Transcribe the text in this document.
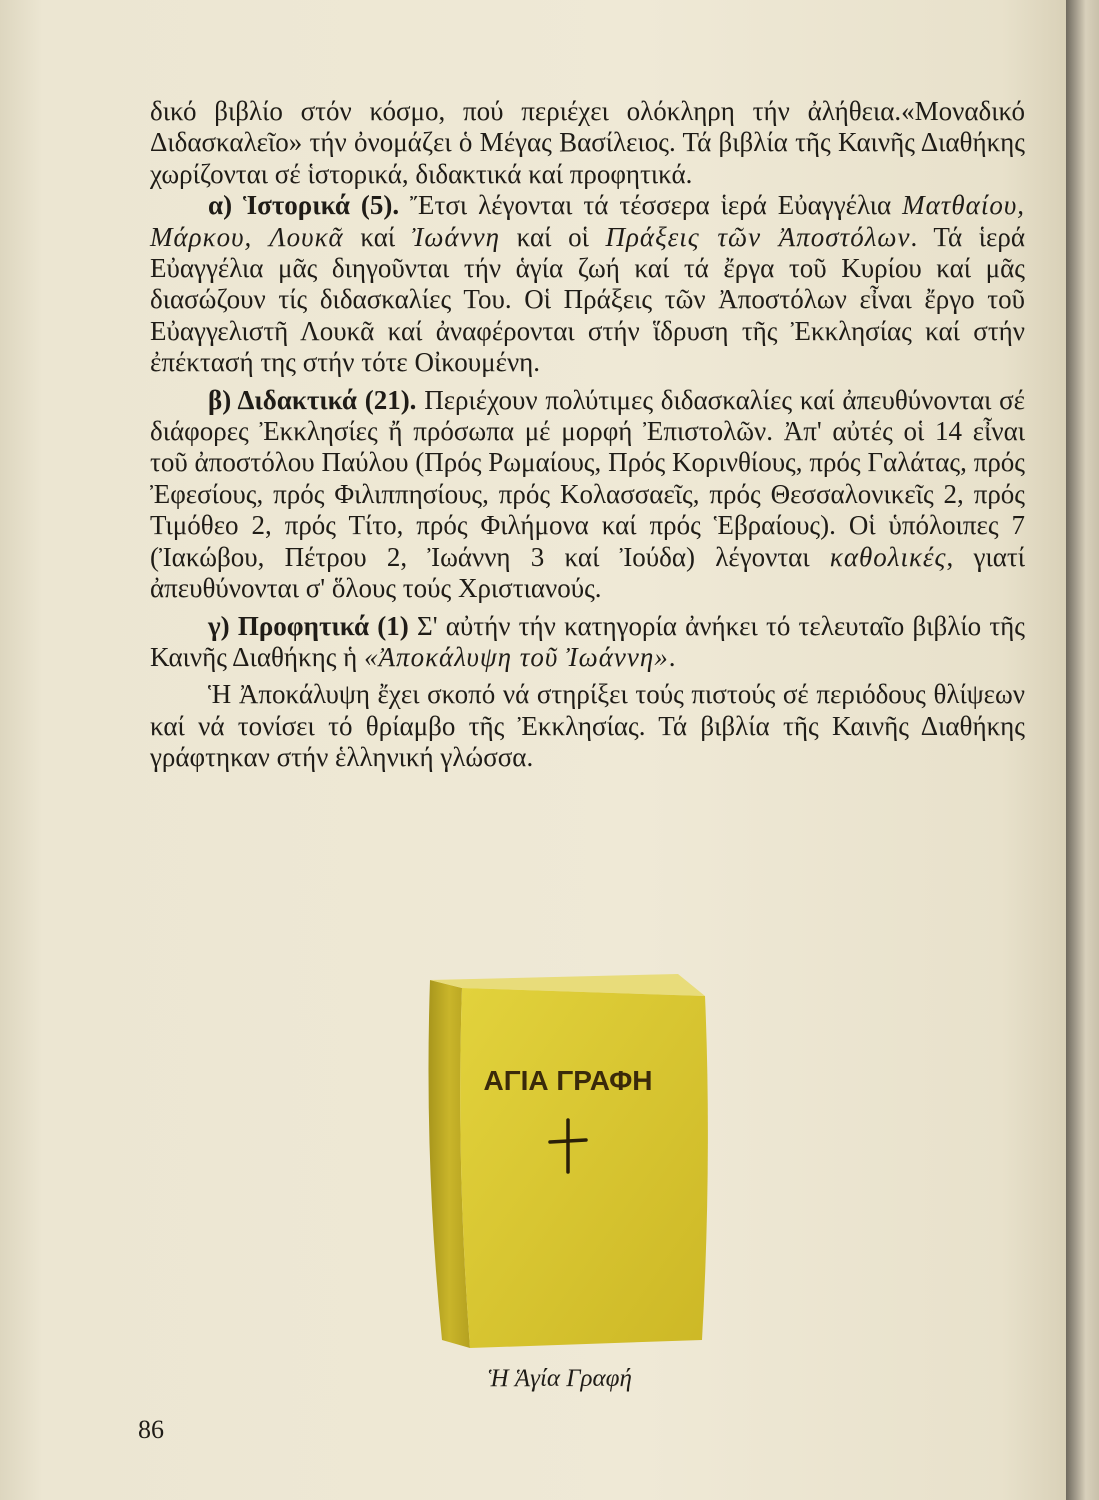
δικό βιβλίο στόν κόσμο, πού περιέχει ολόκληρη τήν ἀλήθεια.«Μοναδικό Διδασκαλεῖο» τήν ὀνομάζει ὁ Μέγας Βασίλειος. Τά βιβλία τῆς Καινῆς Διαθήκης χωρίζονται σέ ἱστορικά, διδακτικά καί προφητικά.

α) Ἱστορικά (5). Ἔτσι λέγονται τά τέσσερα ἱερά Εὐαγγέλια Ματθαίου, Μάρκου, Λουκᾶ καί Ἰωάννη καί οἱ Πράξεις τῶν Ἀποστόλων. Τά ἱερά Εὐαγγέλια μᾶς διηγοῦνται τήν ἁγία ζωή καί τά ἔργα τοῦ Κυρίου καί μᾶς διασώζουν τίς διδασκαλίες Του. Οἱ Πράξεις τῶν Ἀποστόλων εἶναι ἔργο τοῦ Εὐαγγελιστῆ Λουκᾶ καί ἀναφέρονται στήν ἵδρυση τῆς Ἐκκλησίας καί στήν ἐπέκτασή της στήν τότε Οἰκουμένη.

β) Διδακτικά (21). Περιέχουν πολύτιμες διδασκαλίες καί ἀπευθύνονται σέ διάφορες Ἐκκλησίες ἤ πρόσωπα μέ μορφή Ἐπιστολῶν. Ἀπ' αὐτές οἱ 14 εἶναι τοῦ ἀποστόλου Παύλου (Πρός Ρωμαίους, Πρός Κορινθίους, πρός Γαλάτας, πρός Ἐφεσίους, πρός Φιλιππησίους, πρός Κολασσαεῖς, πρός Θεσσαλονικεῖς 2, πρός Τιμόθεο 2, πρός Τίτο, πρός Φιλήμονα καί πρός Ἑβραίους). Οἱ ὑπόλοιπες 7 (Ἰακώβου, Πέτρου 2, Ἰωάννη 3 καί Ἰούδα) λέγονται καθολικές, γιατί ἀπευθύνονται σ' ὅλους τούς Χριστιανούς.

γ) Προφητικά (1) Σ' αὐτήν τήν κατηγορία ἀνήκει τό τελευταῖο βιβλίο τῆς Καινῆς Διαθήκης ἡ «Ἀποκάλυψη τοῦ Ἰωάννη».

Ἡ Ἀποκάλυψη ἔχει σκοπό νά στηρίξει τούς πιστούς σέ περιόδους θλίψεων καί νά τονίσει τό θρίαμβο τῆς Ἐκκλησίας. Τά βιβλία τῆς Καινῆς Διαθήκης γράφτηκαν στήν ἑλληνική γλώσσα.

ΑΓΙΑ ΓΡΑΦΗ
Ἡ Ἁγία Γραφή
86
